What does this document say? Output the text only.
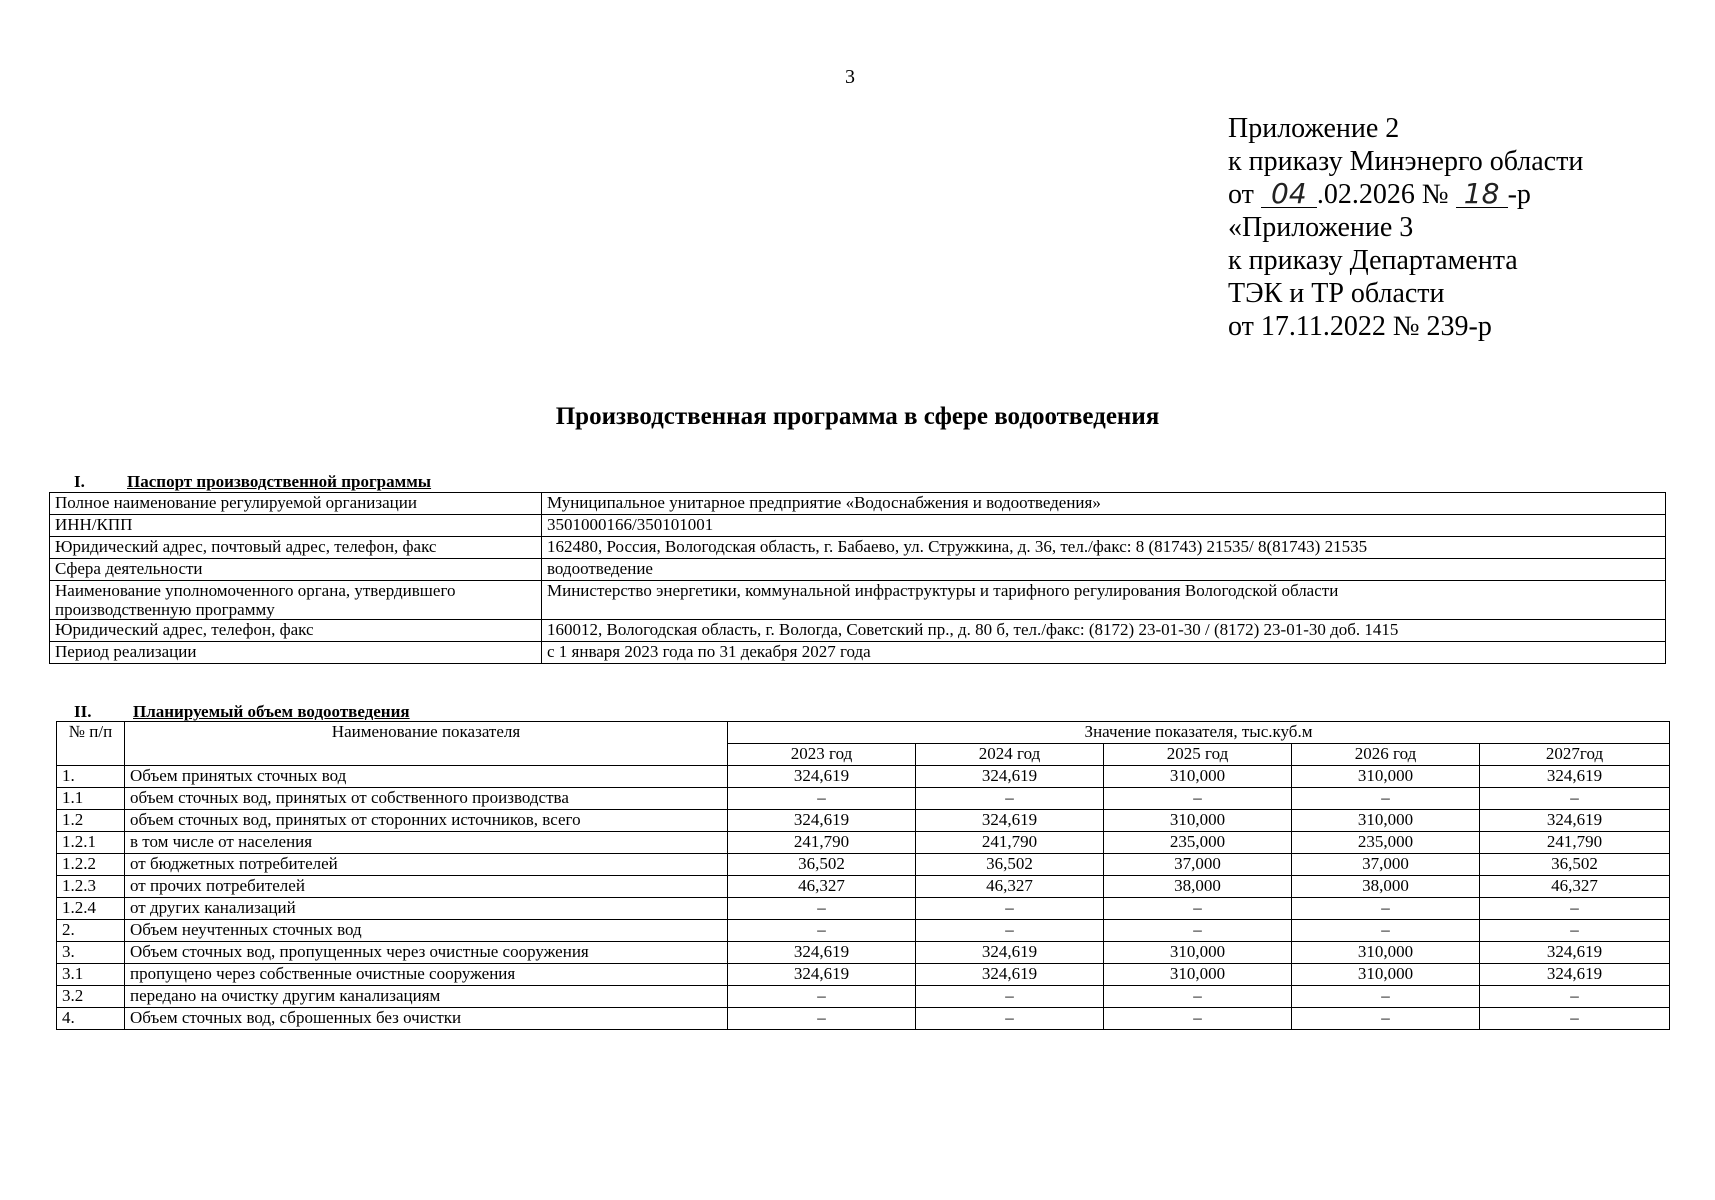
3
Приложение 2
к приказу Минэнерго области
от 04 .02.2026 № 18 -р
«Приложение 3
к приказу Департамента
ТЭК и ТР области
от 17.11.2022 № 239-р
Производственная программа в сфере водоотведения
I. Паспорт производственной программы
Полное наименование регулируемой организации	Муниципальное унитарное предприятие «Водоснабжения и водоотведения»
ИНН/КПП	3501000166/350101001
Юридический адрес, почтовый адрес, телефон, факс	162480, Россия, Вологодская область, г. Бабаево, ул. Стружкина, д. 36, тел./факс: 8 (81743) 21535/ 8(81743) 21535
Сфера деятельности	водоотведение
Наименование уполномоченного органа, утвердившего производственную программу	Министерство энергетики, коммунальной инфраструктуры и тарифного регулирования Вологодской области
Юридический адрес, телефон, факс	160012, Вологодская область, г. Вологда, Советский пр., д. 80 б, тел./факс: (8172) 23-01-30 / (8172) 23-01-30 доб. 1415
Период реализации	с 1 января 2023 года по 31 декабря 2027 года
II. Планируемый объем водоотведения
№ п/п	Наименование показателя	Значение показателя, тыс.куб.м				
		2023 год	2024 год	2025 год	2026 год	2027год
1.	Объем принятых сточных вод	324,619	324,619	310,000	310,000	324,619
1.1	объем сточных вод, принятых от собственного производства	–	–	–	–	–
1.2	объем сточных вод, принятых от сторонних источников, всего	324,619	324,619	310,000	310,000	324,619
1.2.1	в том числе от населения	241,790	241,790	235,000	235,000	241,790
1.2.2	от бюджетных потребителей	36,502	36,502	37,000	37,000	36,502
1.2.3	от прочих потребителей	46,327	46,327	38,000	38,000	46,327
1.2.4	от других канализаций	–	–	–	–	–
2.	Объем неучтенных сточных вод	–	–	–	–	–
3.	Объем сточных вод, пропущенных через очистные сооружения	324,619	324,619	310,000	310,000	324,619
3.1	пропущено через собственные очистные сооружения	324,619	324,619	310,000	310,000	324,619
3.2	передано на очистку другим канализациям	–	–	–	–	–
4.	Объем сточных вод, сброшенных без очистки	–	–	–	–	–
